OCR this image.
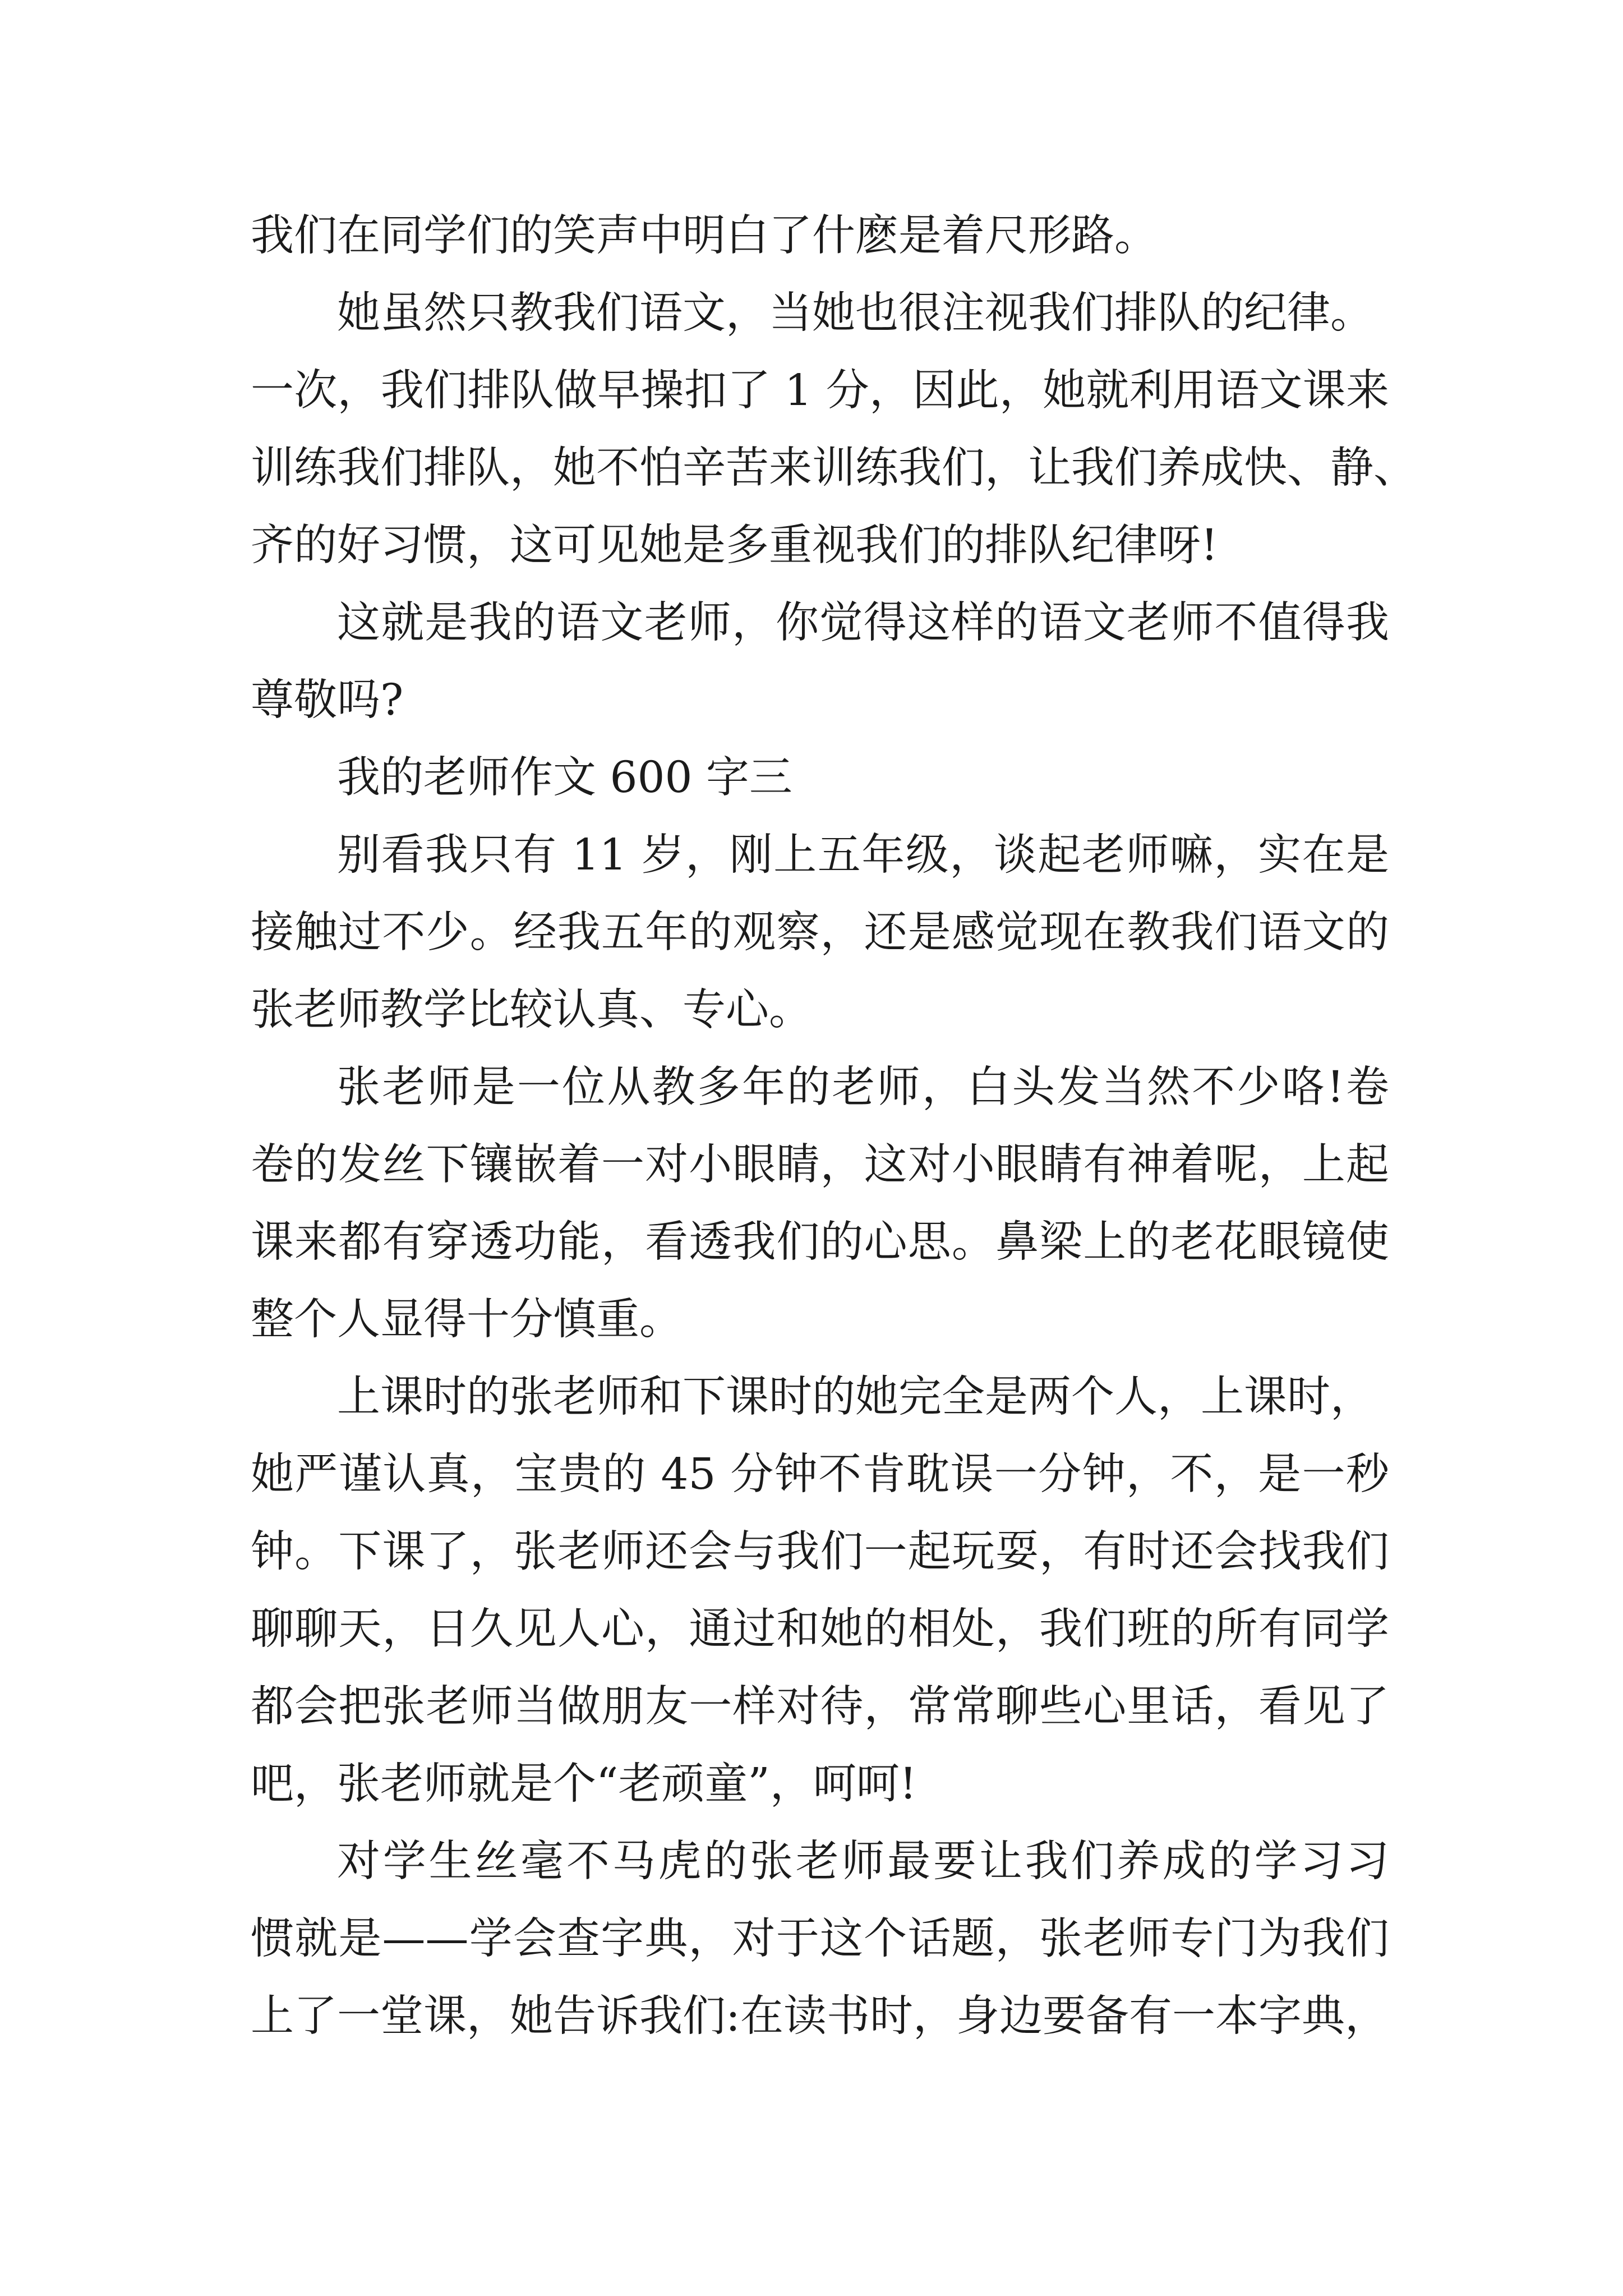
我们在同学们的笑声中明白了什麽是着尺形路。
她虽然只教我们语文，当她也很注视我们排队的纪律。
一次，我们排队做早操扣了 1 分，因此，她就利用语文课来
训练我们排队，她不怕辛苦来训练我们，让我们养成快、静、
齐的好习惯，这可见她是多重视我们的排队纪律呀!
这就是我的语文老师，你觉得这样的语文老师不值得我
尊敬吗?
我的老师作文 600 字三
别看我只有 11 岁，刚上五年级，谈起老师嘛，实在是
接触过不少。经我五年的观察，还是感觉现在教我们语文的
张老师教学比较认真、专心。
张老师是一位从教多年的老师，白头发当然不少咯!卷
卷的发丝下镶嵌着一对小眼睛，这对小眼睛有神着呢，上起
课来都有穿透功能，看透我们的心思。鼻梁上的老花眼镜使
整个人显得十分慎重。
上课时的张老师和下课时的她完全是两个人，上课时，
她严谨认真，宝贵的 45 分钟不肯耽误一分钟，不，是一秒
钟。下课了，张老师还会与我们一起玩耍，有时还会找我们
聊聊天，日久见人心，通过和她的相处，我们班的所有同学
都会把张老师当做朋友一样对待，常常聊些心里话，看见了
吧，张老师就是个“老顽童”，呵呵!
对学生丝毫不马虎的张老师最要让我们养成的学习习
惯就是——学会查字典，对于这个话题，张老师专门为我们
上了一堂课，她告诉我们:在读书时，身边要备有一本字典，
